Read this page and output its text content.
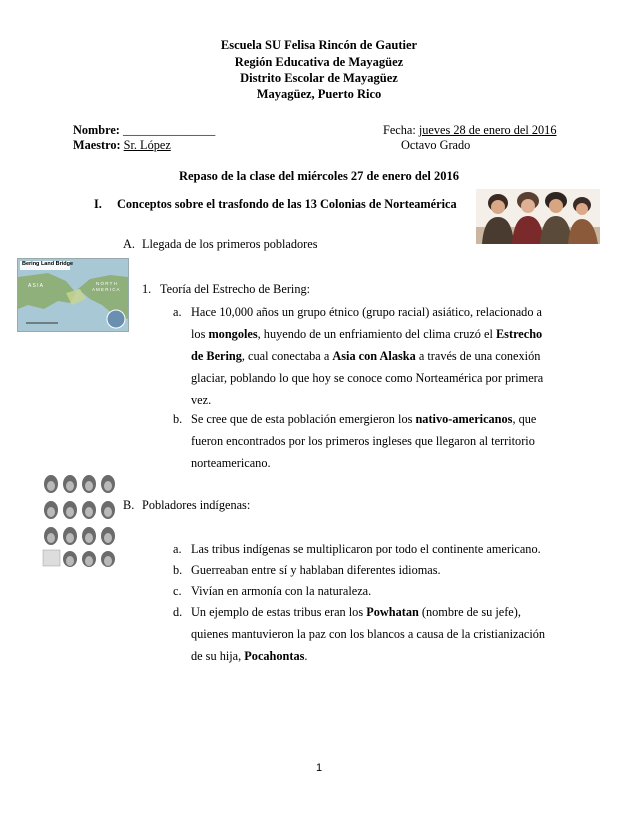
Escuela SU Felisa Rincón de Gautier
Región Educativa de Mayagüez
Distrito Escolar de Mayagüez
Mayagüez, Puerto Rico
Nombre: _______________	Fecha: jueves 28 de enero del 2016
Maestro: Sr. López	Octavo Grado
Repaso de la clase del miércoles 27 de enero del 2016
I. Conceptos sobre el trasfondo de las 13 Colonias de Norteamérica
A. Llegada de los primeros pobladores
Bering Land Bridge
A S I A	N O R T H
A M E R I C A 1. Teoría del Estrecho de Bering:
a. Hace 10,000 años un grupo étnico (grupo racial) asiático, relacionado a
los mongoles, huyendo de un enfriamiento del clima cruzó el Estrecho
de Bering, cual conectaba a Asia con Alaska a través de una conexión
glaciar, poblando lo que hoy se conoce como Norteamérica por primera
vez.
b. Se cree que de esta población emergieron los nativo-americanos, que
fueron encontrados por los primeros ingleses que llegaron al territorio
norteamericano.
B. Pobladores indígenas:
a. Las tribus indígenas se multiplicaron por todo el continente americano.
b. Guerreaban entre sí y hablaban diferentes idiomas.
c. Vivían en armonía con la naturaleza.
d. Un ejemplo de estas tribus eran los Powhatan (nombre de su jefe),
quienes mantuvieron la paz con los blancos a causa de la cristianización
de su hija, Pocahontas.
1
